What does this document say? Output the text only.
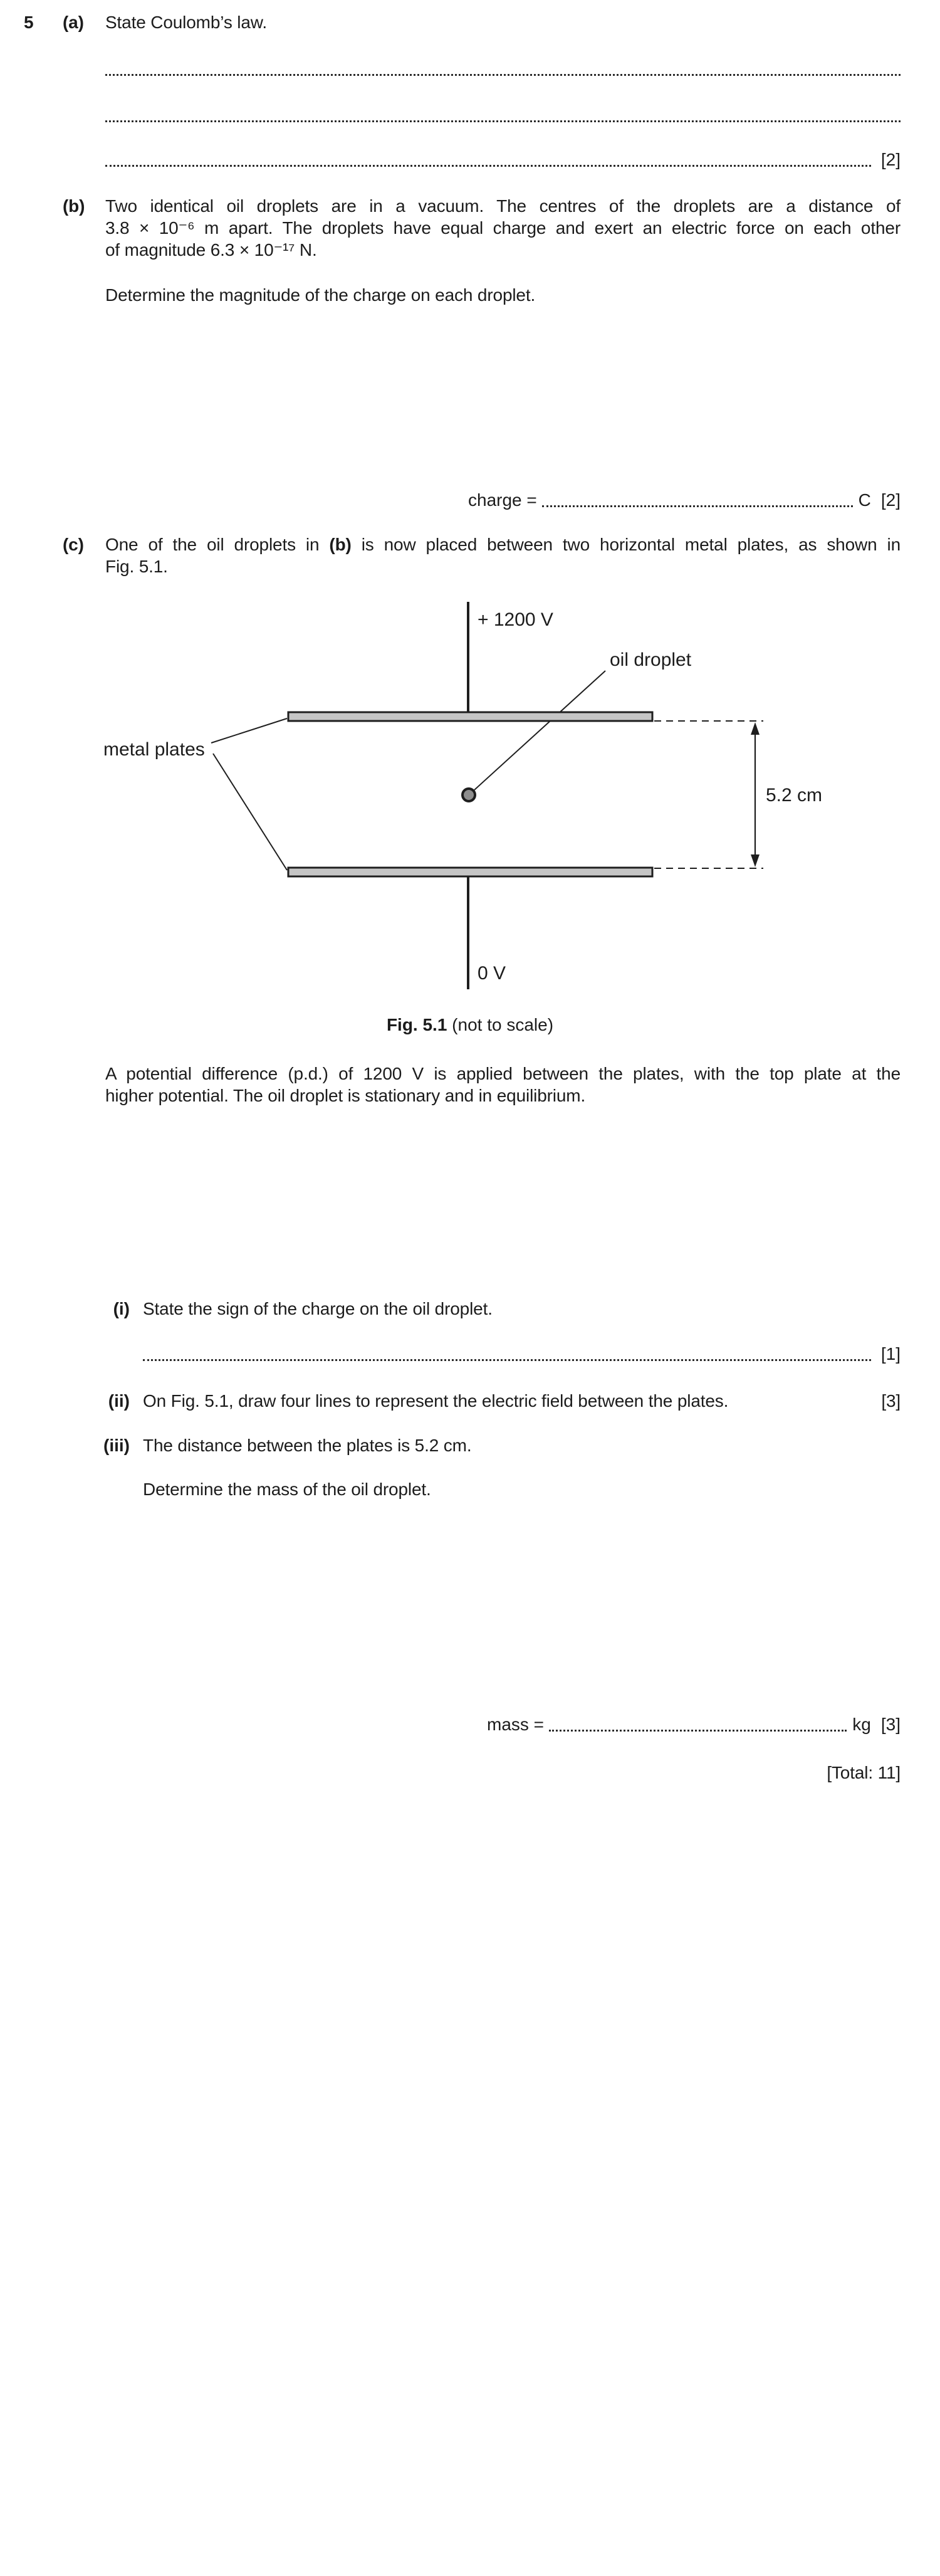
5 (a) State Coulomb’s law.
[2]
(b) Two identical oil droplets are in a vacuum. The centres of the droplets are a distance of
3.8 × 10⁻⁶ m apart. The droplets have equal charge and exert an electric force on each other
of magnitude 6.3 × 10⁻¹⁷ N.
Determine the magnitude of the charge on each droplet.
charge =	C [2]
(c) One of the oil droplets in (b) is now placed between two horizontal metal plates, as shown in
Fig. 5.1.
+ 1200 V
oil droplet
5.2 cm
0 V
metal plates
Fig. 5.1 (not to scale)
A potential difference (p.d.) of 1200 V is applied between the plates, with the top plate at the
higher potential. The oil droplet is stationary and in equilibrium.
(i) State the sign of the charge on the oil droplet.
[1]
(ii) On Fig. 5.1, draw four lines to represent the electric field between the plates.	[3]
(iii) The distance between the plates is 5.2 cm.
Determine the mass of the oil droplet.
mass =	kg [3]
[Total: 11]
